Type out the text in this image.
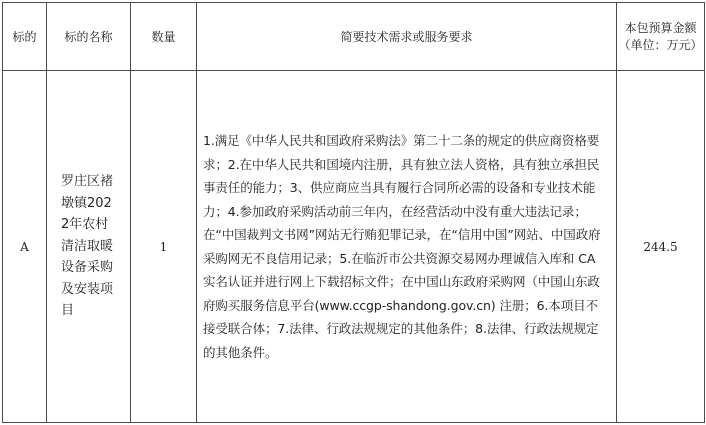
标的	标的名称	数量	简要技术需求或服务要求	本包预算金额（单位：万元）
A	罗庄区褚墩镇2022年农村清洁取暖设备采购及安装项目	1	1.满足《中华人民共和国政府采购法》第二十二条的规定的供应商资格要求；2.在中华人民共和国境内注册，具有独立法人资格，具有独立承担民事责任的能力；3、供应商应当具有履行合同所必需的设备和专业技术能力；4.参加政府采购活动前三年内，在经营活动中没有重大违法记录；在“中国裁判文书网”网站无行贿犯罪记录，在“信用中国”网站、中国政府采购网无不良信用记录；5.在临沂市公共资源交易网办理诚信入库和 CA 实名认证并进行网上下载招标文件；在中国山东政府采购网（中国山东政府购买服务信息平台(www.ccgp-shandong.gov.cn) 注册；6.本项目不接受联合体；7.法律、行政法规规定的其他条件；8.法律、行政法规规定的其他条件。	244.5
